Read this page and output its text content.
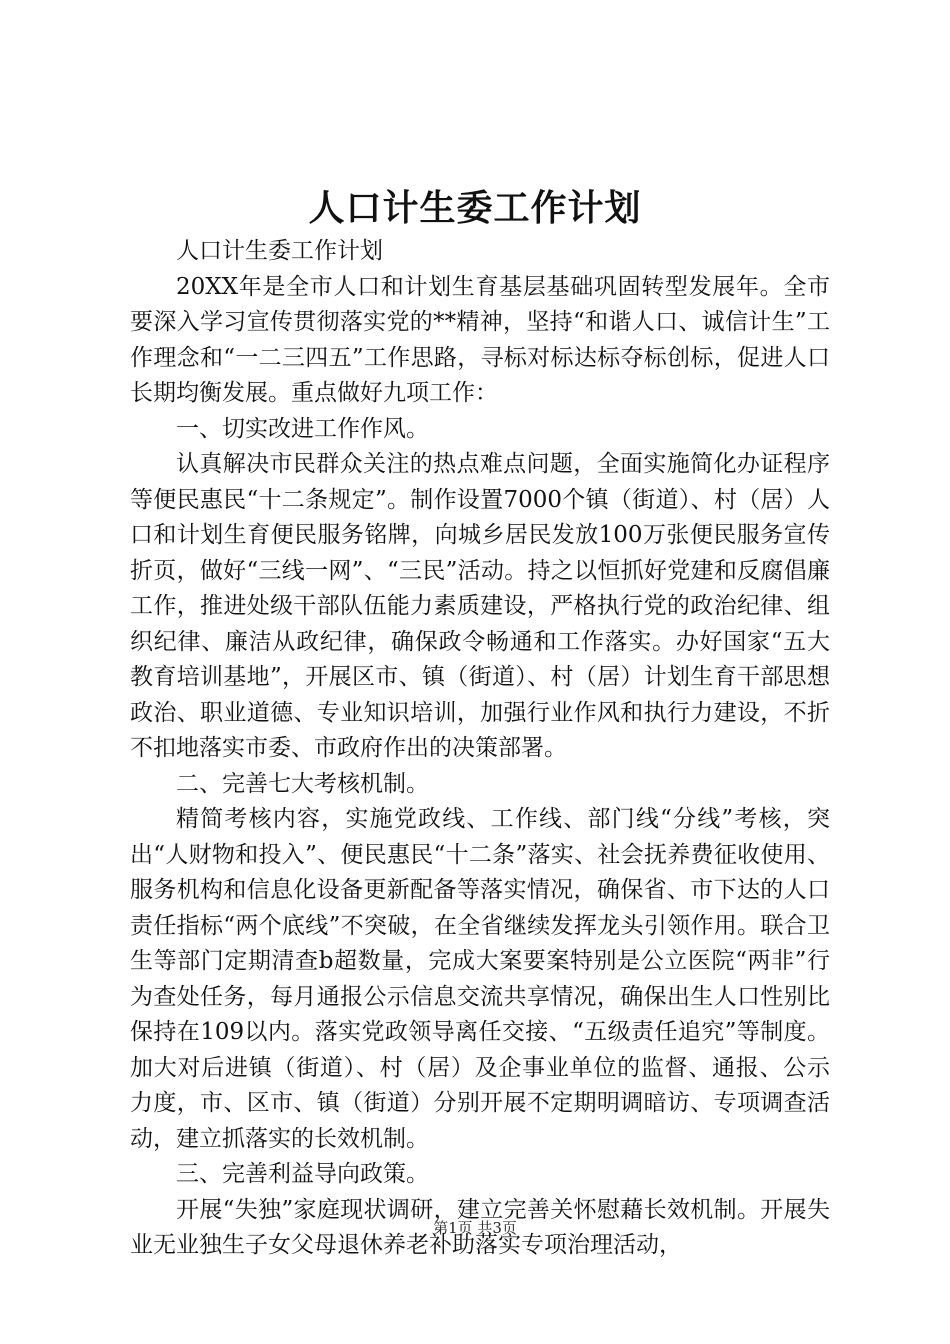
人口计生委工作计划

人口计生委工作计划

20XX年是全市人口和计划生育基层基础巩固转型发展年。全市要深入学习宣传贯彻落实党的**精神，坚持“和谐人口、诚信计生”工作理念和“一二三四五”工作思路，寻标对标达标夺标创标，促进人口长期均衡发展。重点做好九项工作：

一、切实改进工作作风。

认真解决市民群众关注的热点难点问题，全面实施简化办证程序等便民惠民“十二条规定”。制作设置7000个镇（街道）、村（居）人口和计划生育便民服务铭牌，向城乡居民发放100万张便民服务宣传折页，做好“三线一网”、“三民”活动。持之以恒抓好党建和反腐倡廉工作，推进处级干部队伍能力素质建设，严格执行党的政治纪律、组织纪律、廉洁从政纪律，确保政令畅通和工作落实。办好国家“五大教育培训基地”，开展区市、镇（街道）、村（居）计划生育干部思想政治、职业道德、专业知识培训，加强行业作风和执行力建设，不折不扣地落实市委、市政府作出的决策部署。

二、完善七大考核机制。

精简考核内容，实施党政线、工作线、部门线“分线”考核，突出“人财物和投入”、便民惠民“十二条”落实、社会抚养费征收使用、服务机构和信息化设备更新配备等落实情况，确保省、市下达的人口责任指标“两个底线”不突破，在全省继续发挥龙头引领作用。联合卫生等部门定期清查b超数量，完成大案要案特别是公立医院“两非”行为查处任务，每月通报公示信息交流共享情况，确保出生人口性别比保持在109以内。落实党政领导离任交接、“五级责任追究”等制度。加大对后进镇（街道）、村（居）及企事业单位的监督、通报、公示力度，市、区市、镇（街道）分别开展不定期明调暗访、专项调查活动，建立抓落实的长效机制。

三、完善利益导向政策。

开展“失独”家庭现状调研，建立完善关怀慰藉长效机制。开展失业无业独生子女父母退休养老补助落实专项治理活动，

第1页 共3页
